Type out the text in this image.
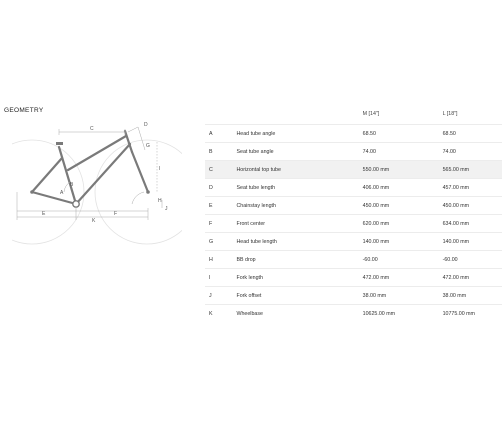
GEOMETRY
C
D
G
A
B
E
K
F
H
I
J
		M [14"]	L [18"]
A	Head tube angle	68.50	68.50
B	Seat tube angle	74.00	74.00
C	Horizontal top tube	550.00 mm	565.00 mm
D	Seat tube length	406.00 mm	457.00 mm
E	Chainstay length	450.00 mm	450.00 mm
F	Front center	620.00 mm	634.00 mm
G	Head tube length	140.00 mm	140.00 mm
H	BB drop	-60.00	-60.00
I	Fork length	472.00 mm	472.00 mm
J	Fork offset	38.00 mm	38.00 mm
K	Wheelbase	10625.00 mm	10775.00 mm
